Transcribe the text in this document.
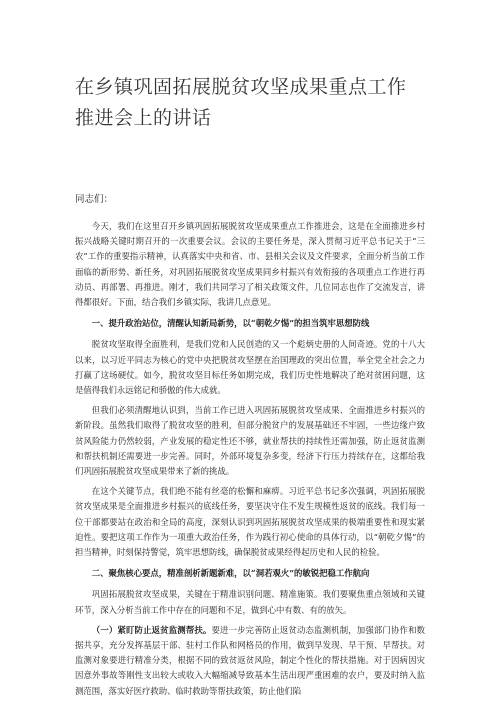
在乡镇巩固拓展脱贫攻坚成果重点工作推进会上的讲话

同志们：

今天，我们在这里召开乡镇巩固拓展脱贫攻坚成果重点工作推进会，这是在全面推进乡村振兴战略关键时期召开的一次重要会议。会议的主要任务是，深入贯彻习近平总书记关于“三农”工作的重要指示精神，认真落实中央和省、市、县相关会议及文件要求，全面分析当前工作面临的新形势、新任务，对巩固拓展脱贫攻坚成果同乡村振兴有效衔接的各项重点工作进行再动员、再部署、再推进。刚才，我们共同学习了相关政策文件，几位同志也作了交流发言，讲得都很好。下面，结合我们乡镇实际，我讲几点意见。

一、提升政治站位，清醒认知新局新势，以“朝乾夕惕”的担当筑牢思想防线

脱贫攻坚取得全面胜利，是我们党和人民创造的又一个彪炳史册的人间奇迹。党的十八大以来，以习近平同志为核心的党中央把脱贫攻坚摆在治国理政的突出位置，举全党全社会之力打赢了这场硬仗。如今，脱贫攻坚目标任务如期完成，我们历史性地解决了绝对贫困问题，这是值得我们永远铭记和骄傲的伟大成就。

但我们必须清醒地认识到，当前工作已进入巩固拓展脱贫攻坚成果、全面推进乡村振兴的新阶段。虽然我们取得了脱贫攻坚的胜利，但部分脱贫户的发展基础还不牢固，一些边缘户致贫风险能力仍然较弱，产业发展的稳定性还不够，就业帮扶的持续性还需加强，防止返贫监测和帮扶机制还需要进一步完善。同时，外部环境复杂多变，经济下行压力持续存在，这都给我们巩固拓展脱贫攻坚成果带来了新的挑战。

在这个关键节点，我们绝不能有丝毫的松懈和麻痹。习近平总书记多次强调，巩固拓展脱贫攻坚成果是全面推进乡村振兴的底线任务，要坚决守住不发生规模性返贫的底线。我们每一位干部都要站在政治和全局的高度，深刻认识到巩固拓展脱贫攻坚成果的极端重要性和现实紧迫性。要把这项工作作为一项重大政治任务，作为践行初心使命的具体行动，以“朝乾夕惕”的担当精神，时刻保持警觉，筑牢思想防线，确保脱贫成果经得起历史和人民的检验。

二、聚焦核心要点，精准剖析新题新难，以“洞若观火”的敏锐把稳工作航向

巩固拓展脱贫攻坚成果，关键在于精准识别问题、精准施策。我们要聚焦重点领域和关键环节，深入分析当前工作中存在的问题和不足，做到心中有数、有的放矢。

（一）紧盯防止返贫监测帮扶。要进一步完善防止返贫动态监测机制，加强部门协作和数据共享，充分发挥基层干部、驻村工作队和网格员的作用，做到早发现、早干预、早帮扶。对监测对象要进行精准分类，根据不同的致贫返贫风险，制定个性化的帮扶措施。对于因病因灾因意外事故等刚性支出较大或收入大幅缩减导致基本生活出现严重困难的农户，要及时纳入监测范围，落实好医疗救助、临时救助等帮扶政策，防止他们陷
